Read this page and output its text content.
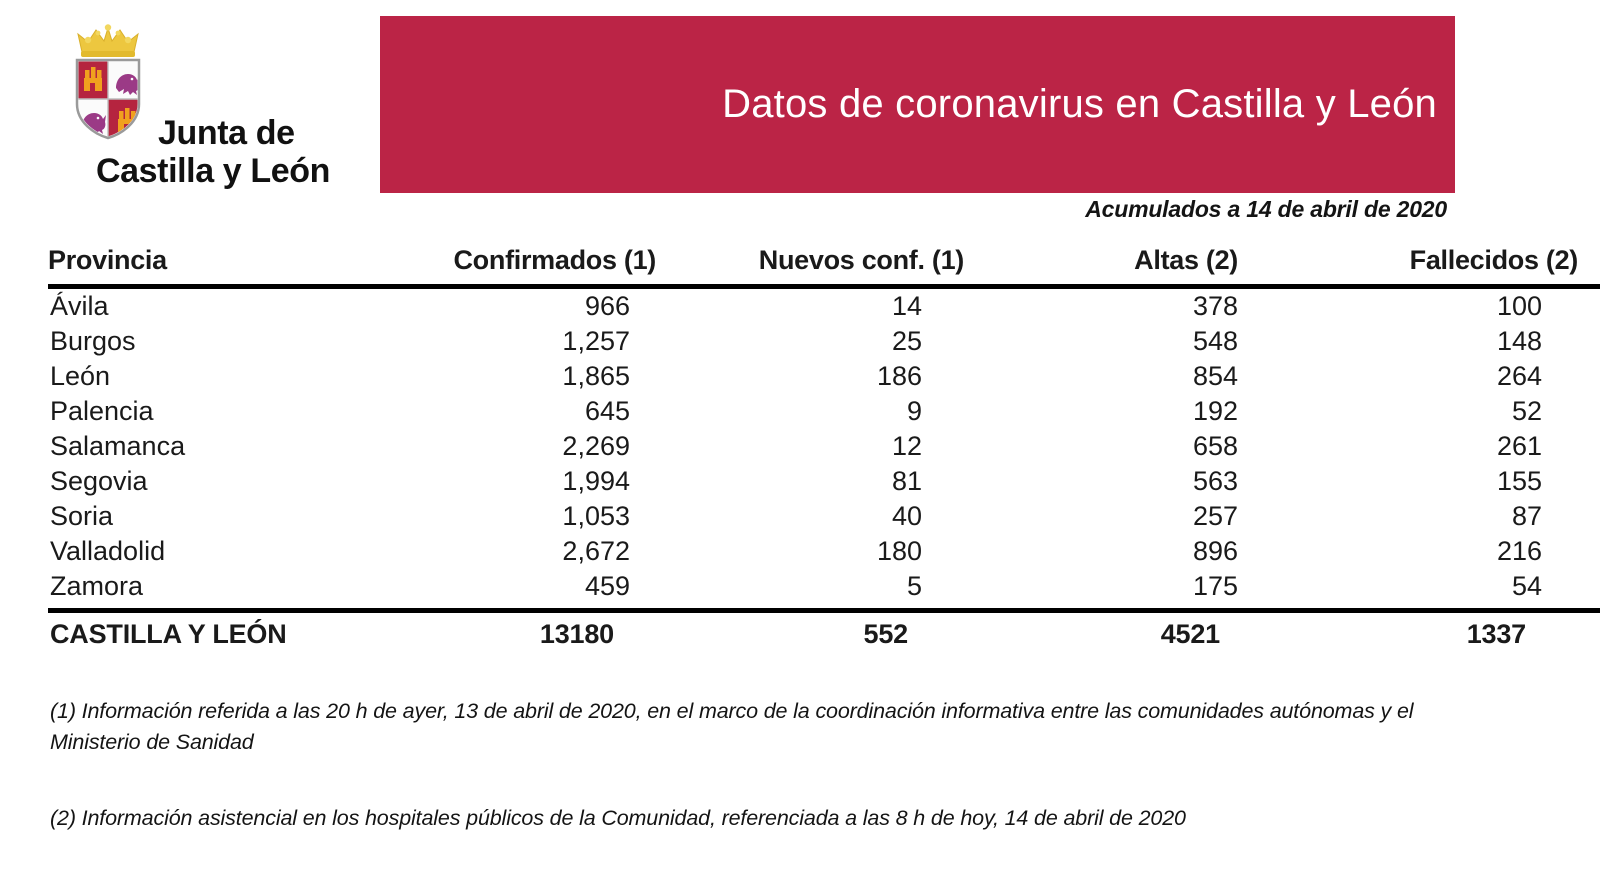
Junta de
Castilla y León
Datos de coronavirus en Castilla y León
Acumulados a 14 de abril de 2020
Provincia	Confirmados (1)	Nuevos conf. (1)	Altas (2)	Fallecidos (2)
Ávila	966	14	378	100
Burgos	1,257	25	548	148
León	1,865	186	854	264
Palencia	645	9	192	52
Salamanca	2,269	12	658	261
Segovia	1,994	81	563	155
Soria	1,053	40	257	87
Valladolid	2,672	180	896	216
Zamora	459	5	175	54
CASTILLA Y LEÓN	13180	552	4521	1337
(1) Información referida a las 20 h de ayer, 13 de abril de 2020, en el marco de la coordinación informativa entre las comunidades autónomas y el Ministerio de Sanidad
(2) Información asistencial en los hospitales públicos de la Comunidad, referenciada a las 8 h de hoy, 14 de abril de 2020
